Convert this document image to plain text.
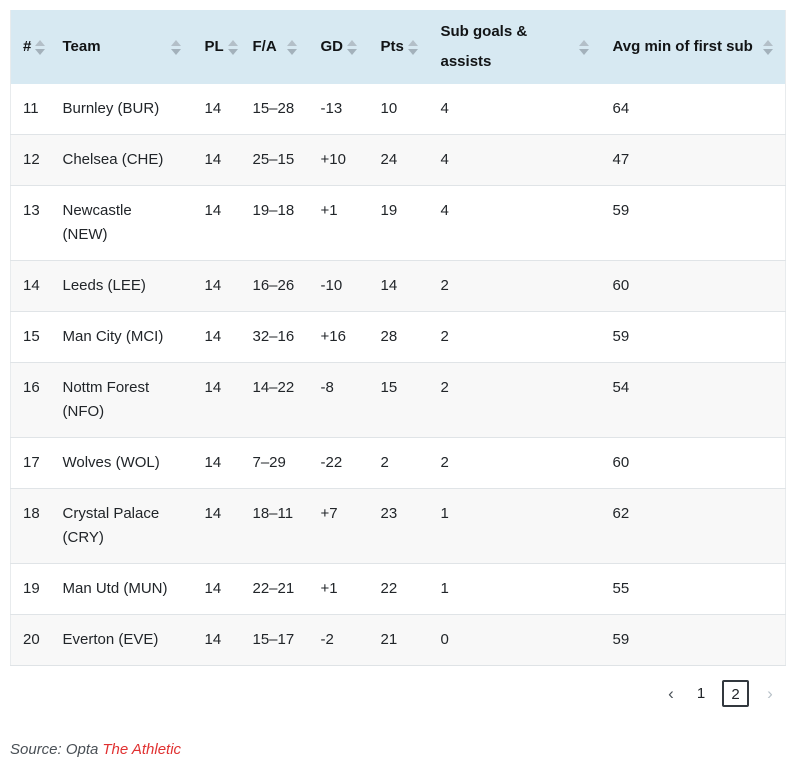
#	Team	PL	F/A	GD	Pts	Sub goals & assists	Avg min of first sub

11	Burnley (BUR)	14	15–28	-13	10	4	64
12	Chelsea (CHE)	14	25–15	+10	24	4	47
13	Newcastle (NEW)	14	19–18	+1	19	4	59
14	Leeds (LEE)	14	16–26	-10	14	2	60
15	Man City (MCI)	14	32–16	+16	28	2	59
16	Nottm Forest (NFO)	14	14–22	-8	15	2	54
17	Wolves (WOL)	14	7–29	-22	2	2	60
18	Crystal Palace (CRY)	14	18–11	+7	23	1	62
19	Man Utd (MUN)	14	22–21	+1	22	1	55
20	Everton (EVE)	14	15–17	-2	21	0	59
‹	1	2	›

Source: Opta The Athletic
